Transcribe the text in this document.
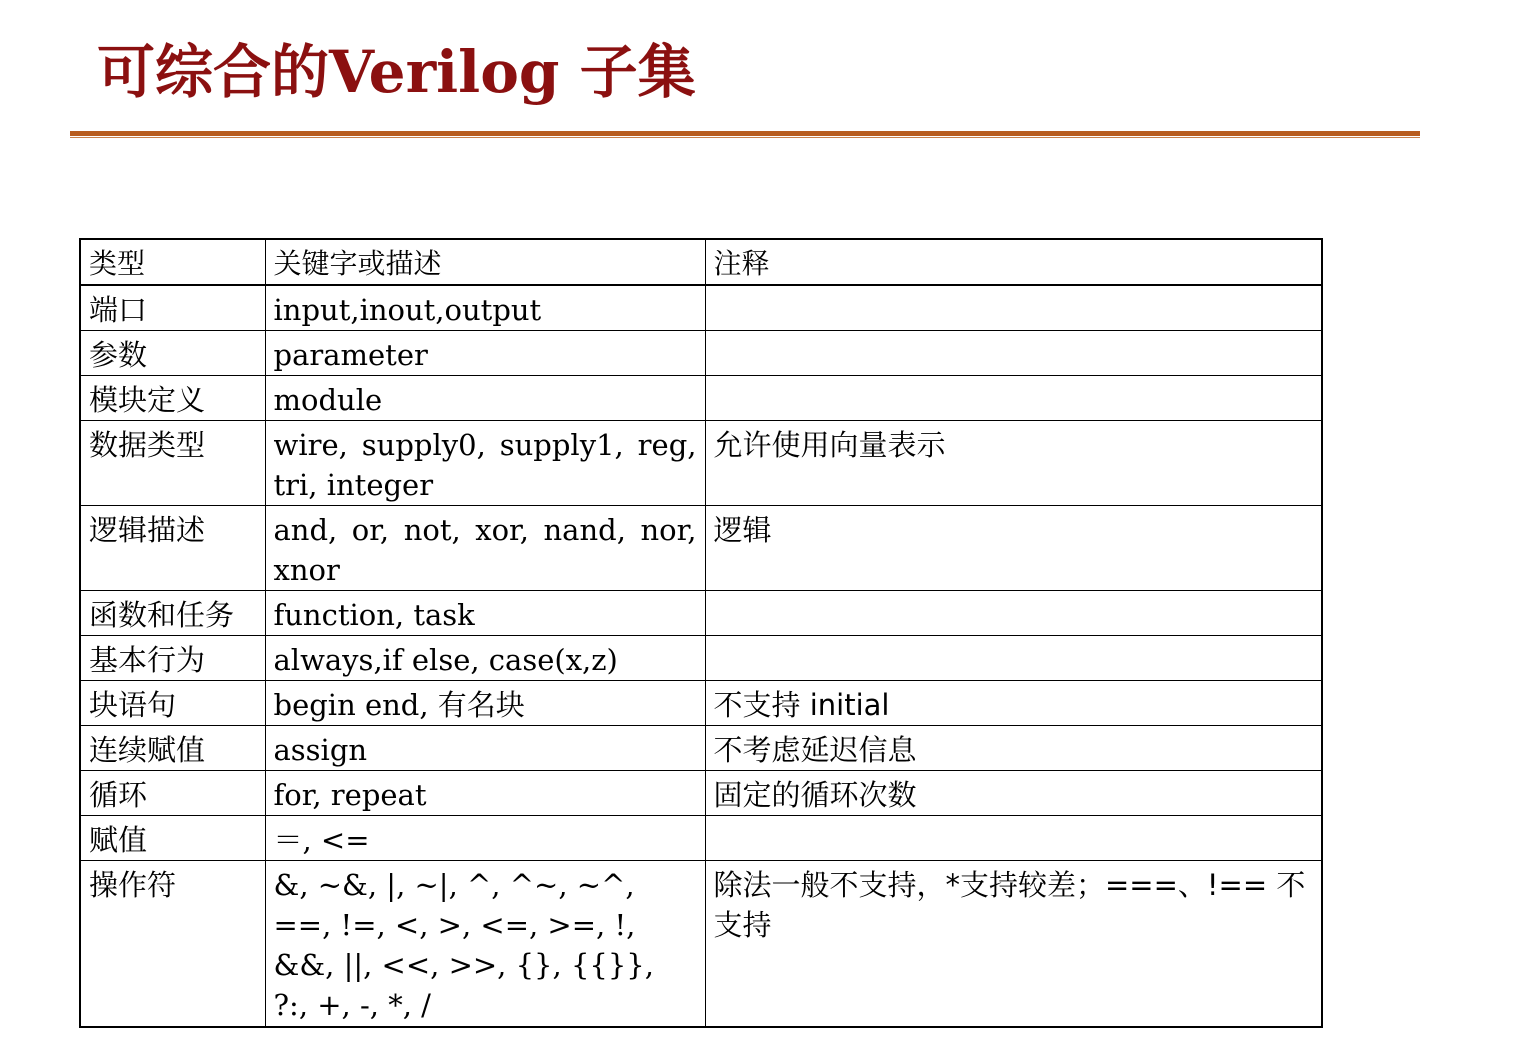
可综合的Verilog 子集
类型	关键字或描述	注释
端口	input,inout,output	
参数	parameter	
模块定义	module	
数据类型	wire, supply0, supply1, reg, tri, integer	允许使用向量表示
逻辑描述	and, or, not, xor, nand, nor, xnor	逻辑
函数和任务	function, task	
基本行为	always,if else, case(x,z)	
块语句	begin end, 有名块	不支持 initial
连续赋值	assign	不考虑延迟信息
循环	for, repeat	固定的循环次数
赋值	＝, <=	
操作符	&, ~&, |, ~|, ^, ^~, ~^, ==, !=, <, >, <=, >=, !, &&, ||, <<, >>, {}, {{}}, ?:, +, -, *, /	除法一般不支持，*支持较差；===、!== 不支持
